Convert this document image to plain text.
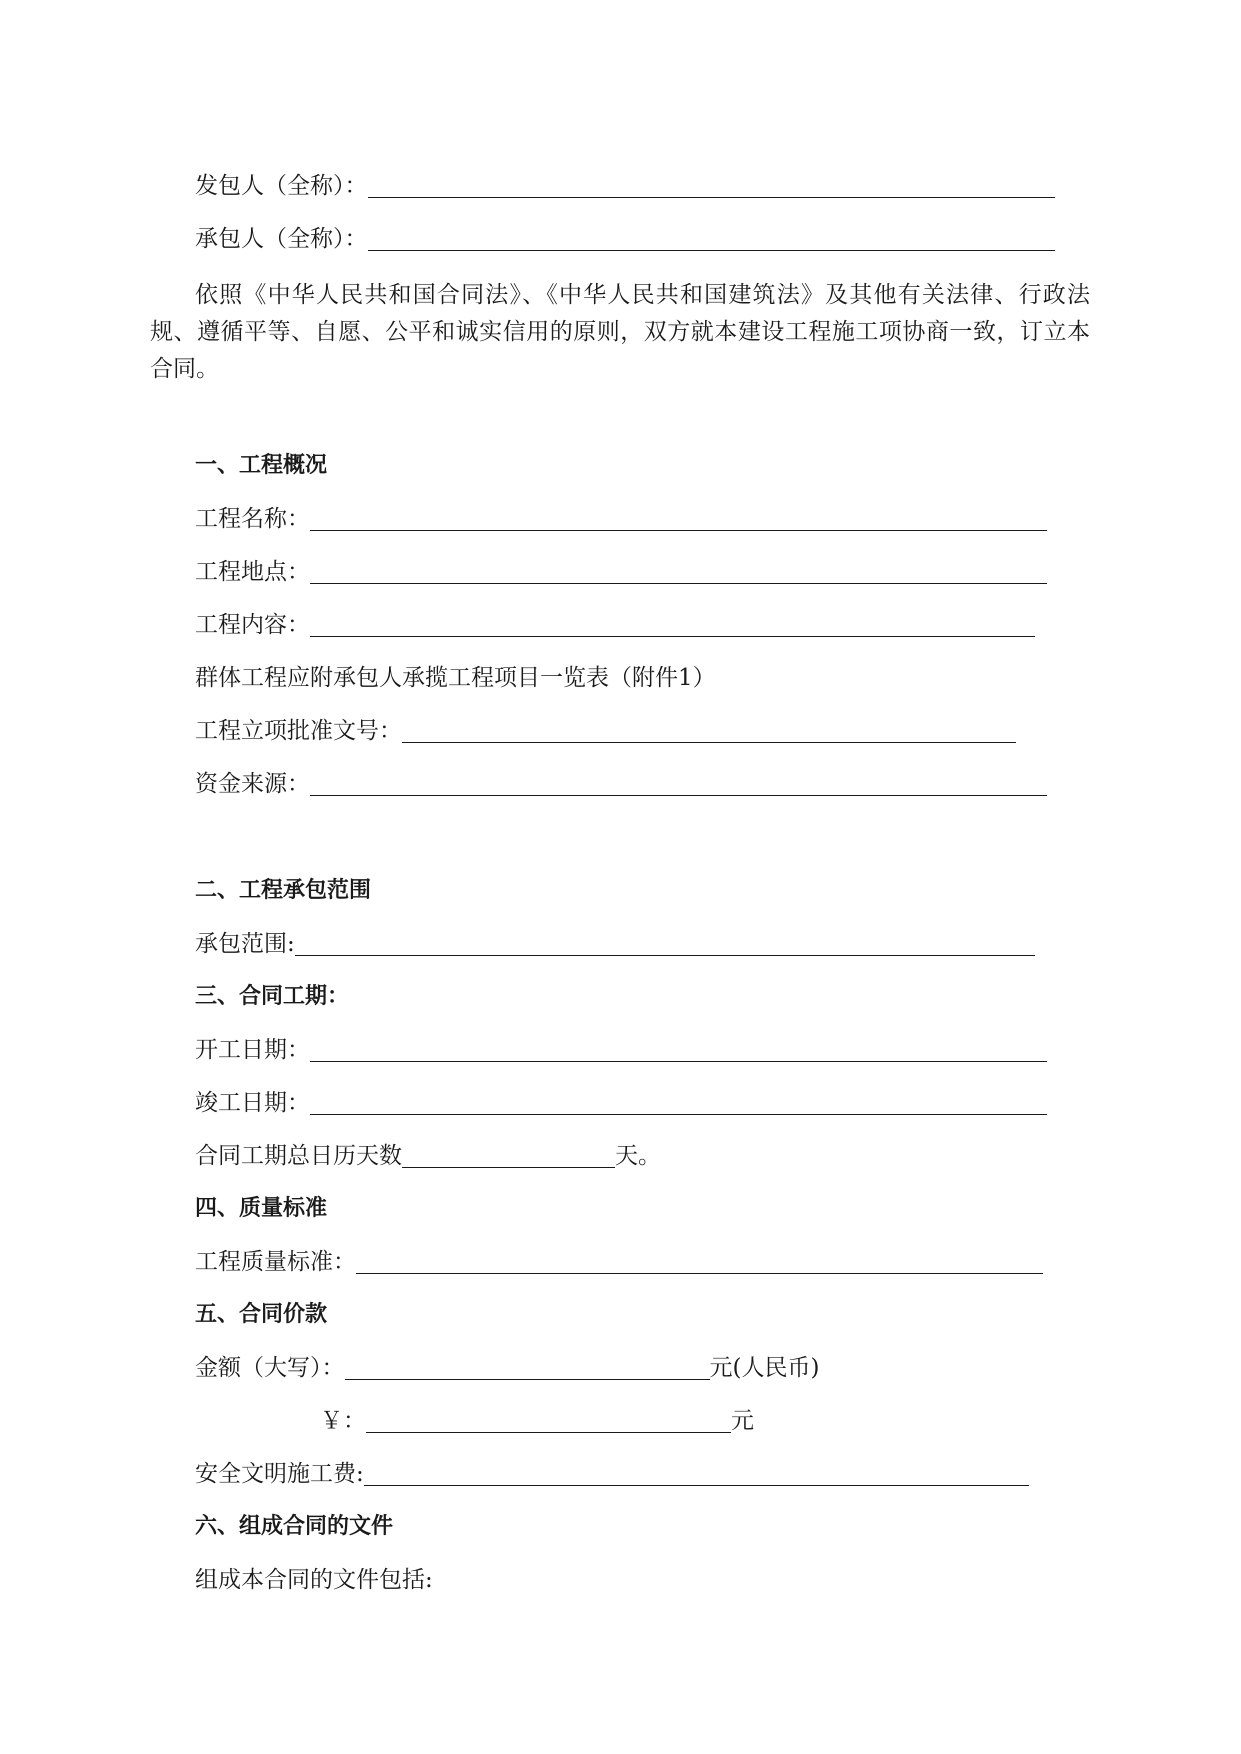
发包人（全称）：
承包人（全称）：
依照《中华人民共和国合同法》、《中华人民共和国建筑法》及其他有关法律、行政法规、遵循平等、自愿、公平和诚实信用的原则，双方就本建设工程施工项协商一致，订立本合同。
一、工程概况
工程名称：
工程地点：
工程内容：
群体工程应附承包人承揽工程项目一览表（附件1）
工程立项批准文号：
资金来源：
二、工程承包范围
承包范围:
三、合同工期：
开工日期：
竣工日期：
合同工期总日历天数	天。
四、质量标准
工程质量标准：
五、合同价款
金额（大写）：	元(人民币)
￥：	元
安全文明施工费:
六、组成合同的文件
组成本合同的文件包括:
